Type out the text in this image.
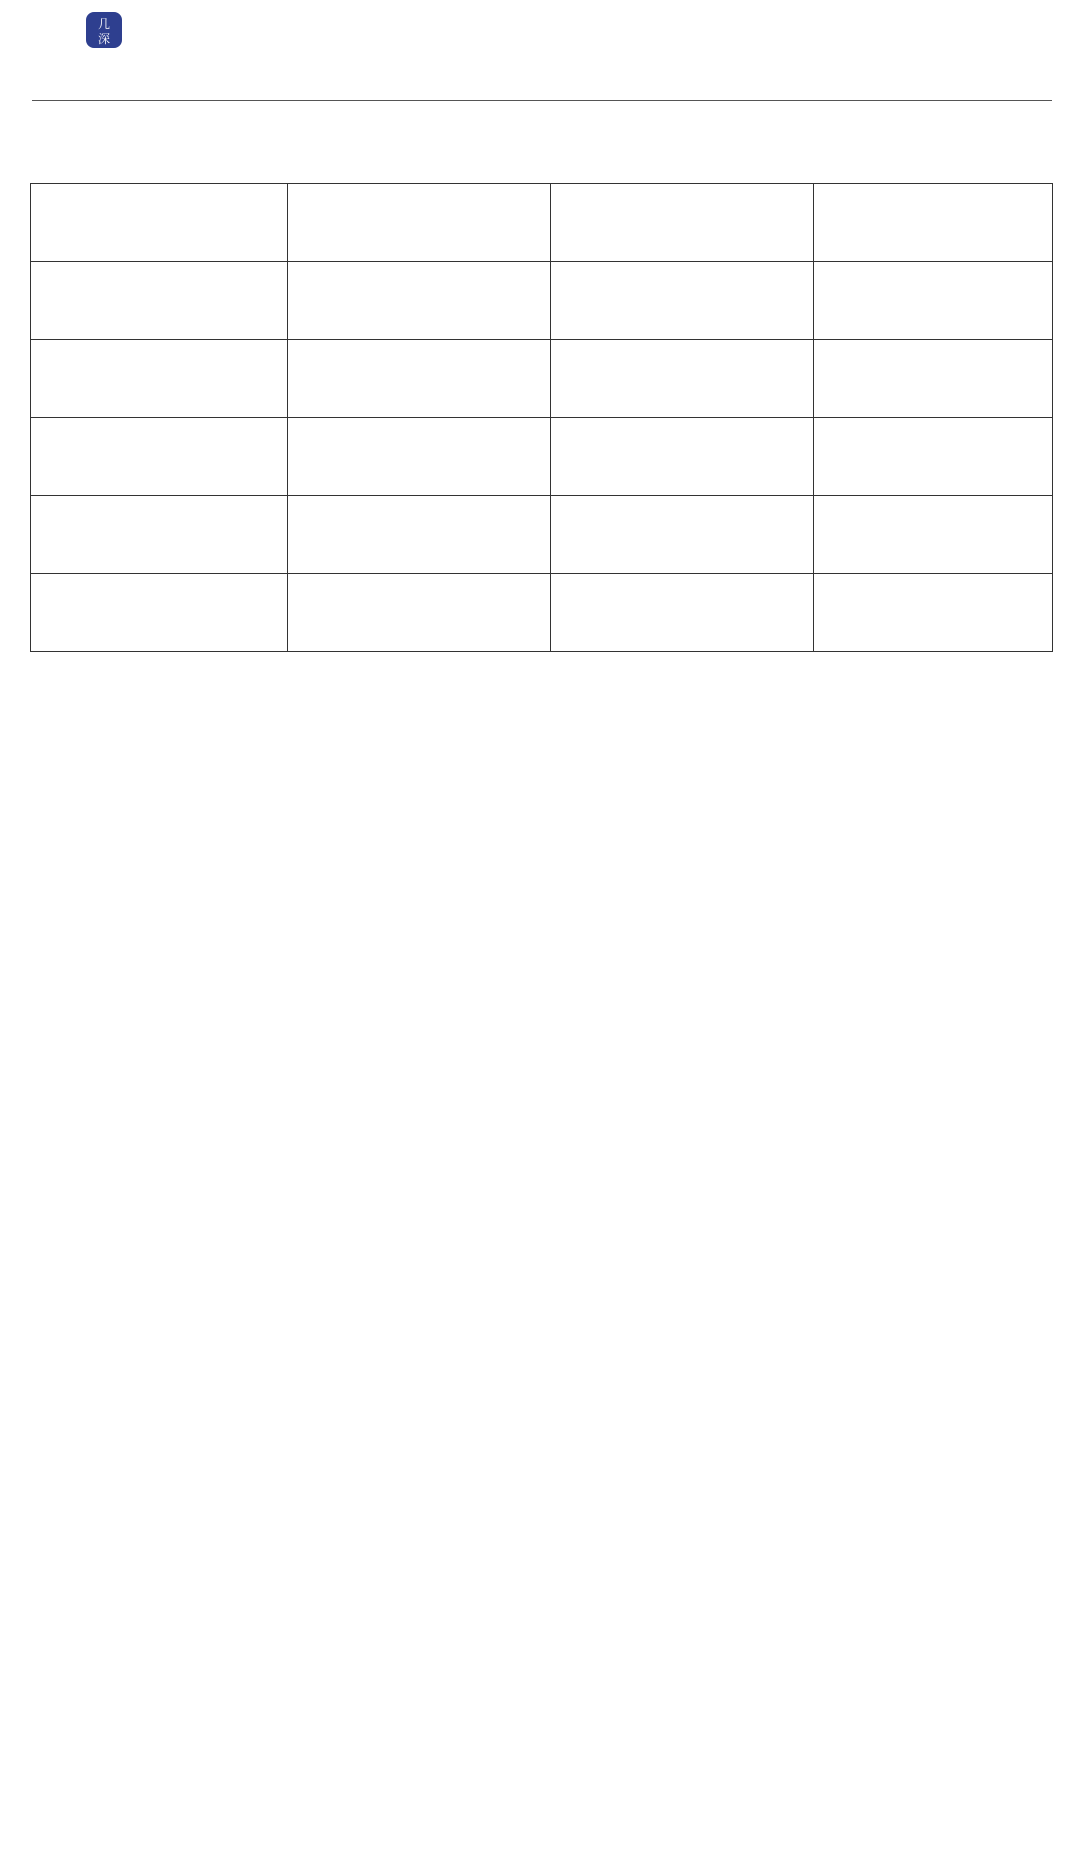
几
深
